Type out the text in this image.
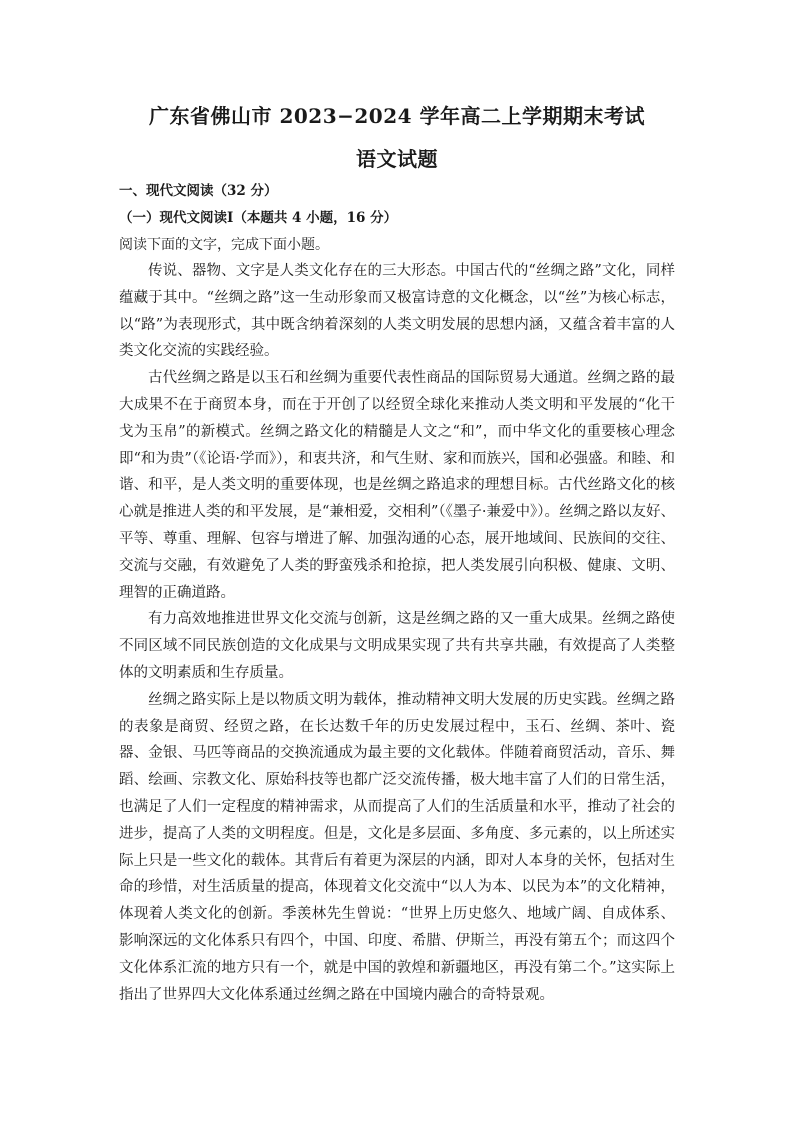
广东省佛山市 2023−2024 学年高二上学期期末考试
语文试题
一、现代文阅读（32 分）
（一）现代文阅读Ⅰ（本题共 4 小题，16 分）
阅读下面的文字，完成下面小题。

传说、器物、文字是人类文化存在的三大形态。中国古代的“丝绸之路”文化，同样蕴藏于其中。“丝绸之路”这一生动形象而又极富诗意的文化概念，以“丝”为核心标志，以“路”为表现形式，其中既含纳着深刻的人类文明发展的思想内涵，又蕴含着丰富的人类文化交流的实践经验。

古代丝绸之路是以玉石和丝绸为重要代表性商品的国际贸易大通道。丝绸之路的最大成果不在于商贸本身，而在于开创了以经贸全球化来推动人类文明和平发展的“化干戈为玉帛”的新模式。丝绸之路文化的精髓是人文之“和”，而中华文化的重要核心理念即“和为贵”（《论语·学而》），和衷共济，和气生财、家和而族兴，国和必强盛。和睦、和谐、和平，是人类文明的重要体现，也是丝绸之路追求的理想目标。古代丝路文化的核心就是推进人类的和平发展，是“兼相爱，交相利”（《墨子·兼爱中》）。丝绸之路以友好、平等、尊重、理解、包容与增进了解、加强沟通的心态，展开地域间、民族间的交往、交流与交融，有效避免了人类的野蛮残杀和抢掠，把人类发展引向积极、健康、文明、理智的正确道路。

有力高效地推进世界文化交流与创新，这是丝绸之路的又一重大成果。丝绸之路使不同区域不同民族创造的文化成果与文明成果实现了共有共享共融，有效提高了人类整体的文明素质和生存质量。

丝绸之路实际上是以物质文明为载体，推动精神文明大发展的历史实践。丝绸之路的表象是商贸、经贸之路，在长达数千年的历史发展过程中，玉石、丝绸、茶叶、瓷器、金银、马匹等商品的交换流通成为最主要的文化载体。伴随着商贸活动，音乐、舞蹈、绘画、宗教文化、原始科技等也都广泛交流传播，极大地丰富了人们的日常生活，也满足了人们一定程度的精神需求，从而提高了人们的生活质量和水平，推动了社会的进步，提高了人类的文明程度。但是，文化是多层面、多角度、多元素的，以上所述实际上只是一些文化的载体。其背后有着更为深层的内涵，即对人本身的关怀，包括对生命的珍惜，对生活质量的提高，体现着文化交流中“以人为本、以民为本”的文化精神，体现着人类文化的创新。季羡林先生曾说：“世界上历史悠久、地域广阔、自成体系、影响深远的文化体系只有四个，中国、印度、希腊、伊斯兰，再没有第五个；而这四个文化体系汇流的地方只有一个，就是中国的敦煌和新疆地区，再没有第二个。”这实际上指出了世界四大文化体系通过丝绸之路在中国境内融合的奇特景观。
